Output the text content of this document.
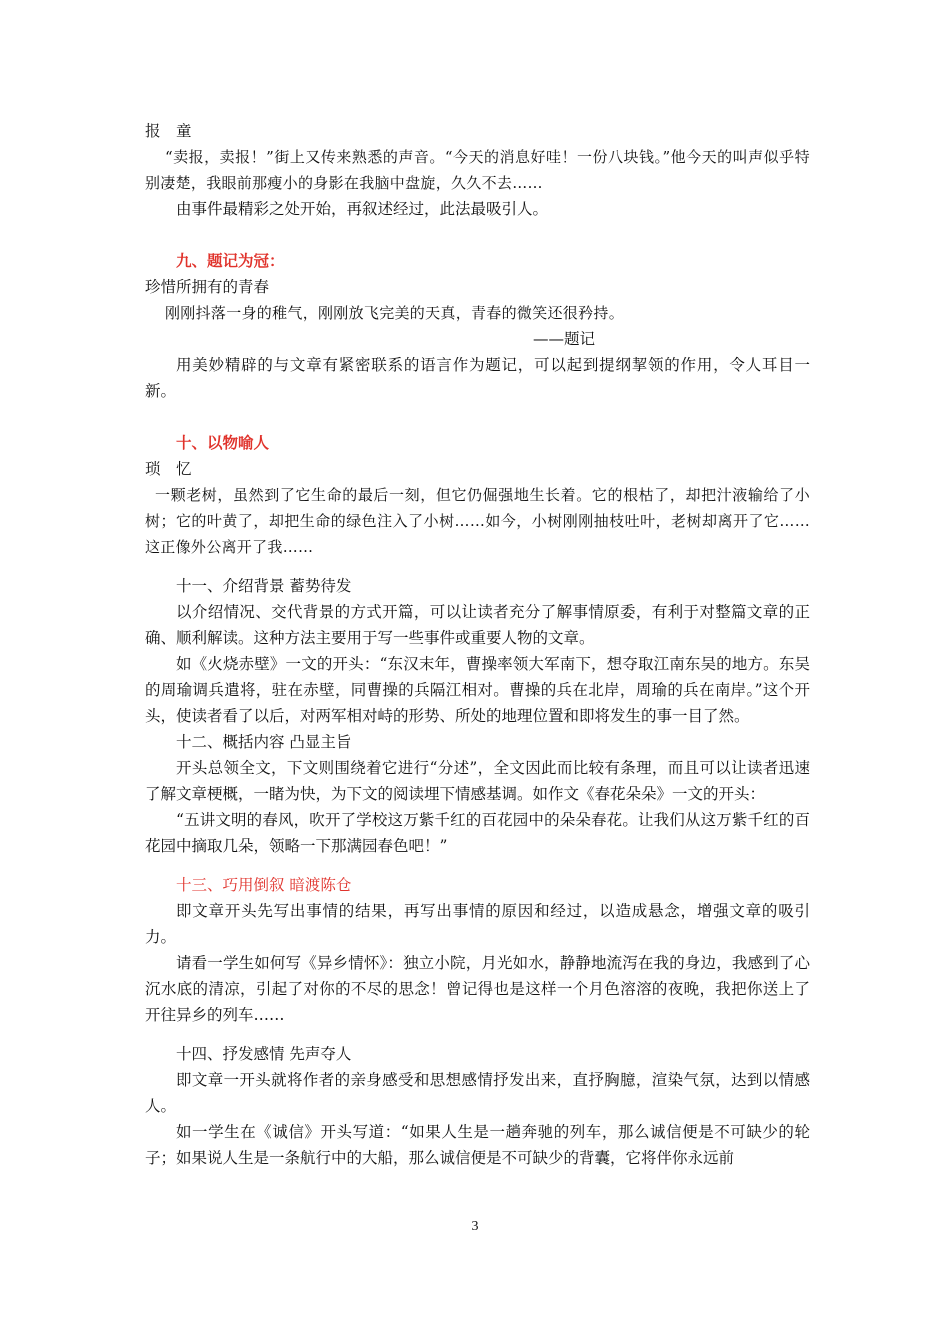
报　童

“卖报，卖报！”街上又传来熟悉的声音。“今天的消息好哇！一份八块钱。”他今天的叫声似乎特别凄楚，我眼前那瘦小的身影在我脑中盘旋，久久不去……

由事件最精彩之处开始，再叙述经过，此法最吸引人。

九、题记为冠：

珍惜所拥有的青春

刚刚抖落一身的稚气，刚刚放飞完美的天真，青春的微笑还很矜持。

——题记

用美妙精辟的与文章有紧密联系的语言作为题记，可以起到提纲挈领的作用，令人耳目一新。

十、以物喻人

琐　忆

一颗老树，虽然到了它生命的最后一刻，但它仍倔强地生长着。它的根枯了，却把汁液输给了小树；它的叶黄了，却把生命的绿色注入了小树……如今，小树刚刚抽枝吐叶，老树却离开了它……这正像外公离开了我……

十一、介绍背景 蓄势待发

以介绍情况、交代背景的方式开篇，可以让读者充分了解事情原委，有利于对整篇文章的正确、顺利解读。这种方法主要用于写一些事件或重要人物的文章。

如《火烧赤壁》一文的开头：“东汉末年，曹操率领大军南下，想夺取江南东吴的地方。东吴的周瑜调兵遣将，驻在赤壁，同曹操的兵隔江相对。曹操的兵在北岸，周瑜的兵在南岸。”这个开头，使读者看了以后，对两军相对峙的形势、所处的地理位置和即将发生的事一目了然。

十二、概括内容 凸显主旨

开头总领全文，下文则围绕着它进行“分述”，全文因此而比较有条理，而且可以让读者迅速了解文章梗概，一睹为快，为下文的阅读埋下情感基调。如作文《春花朵朵》一文的开头：

“五讲文明的春风，吹开了学校这万紫千红的百花园中的朵朵春花。让我们从这万紫千红的百花园中摘取几朵，领略一下那满园春色吧！”

十三、巧用倒叙 暗渡陈仓

即文章开头先写出事情的结果，再写出事情的原因和经过，以造成悬念，增强文章的吸引力。

请看一学生如何写《异乡情怀》：独立小院，月光如水，静静地流泻在我的身边，我感到了心沉水底的清凉，引起了对你的不尽的思念！曾记得也是这样一个月色溶溶的夜晚，我把你送上了开往异乡的列车……

十四、抒发感情 先声夺人

即文章一开头就将作者的亲身感受和思想感情抒发出来，直抒胸臆，渲染气氛，达到以情感人。

如一学生在《诚信》开头写道：“如果人生是一趟奔驰的列车，那么诚信便是不可缺少的轮子；如果说人生是一条航行中的大船，那么诚信便是不可缺少的背囊，它将伴你永远前

3
